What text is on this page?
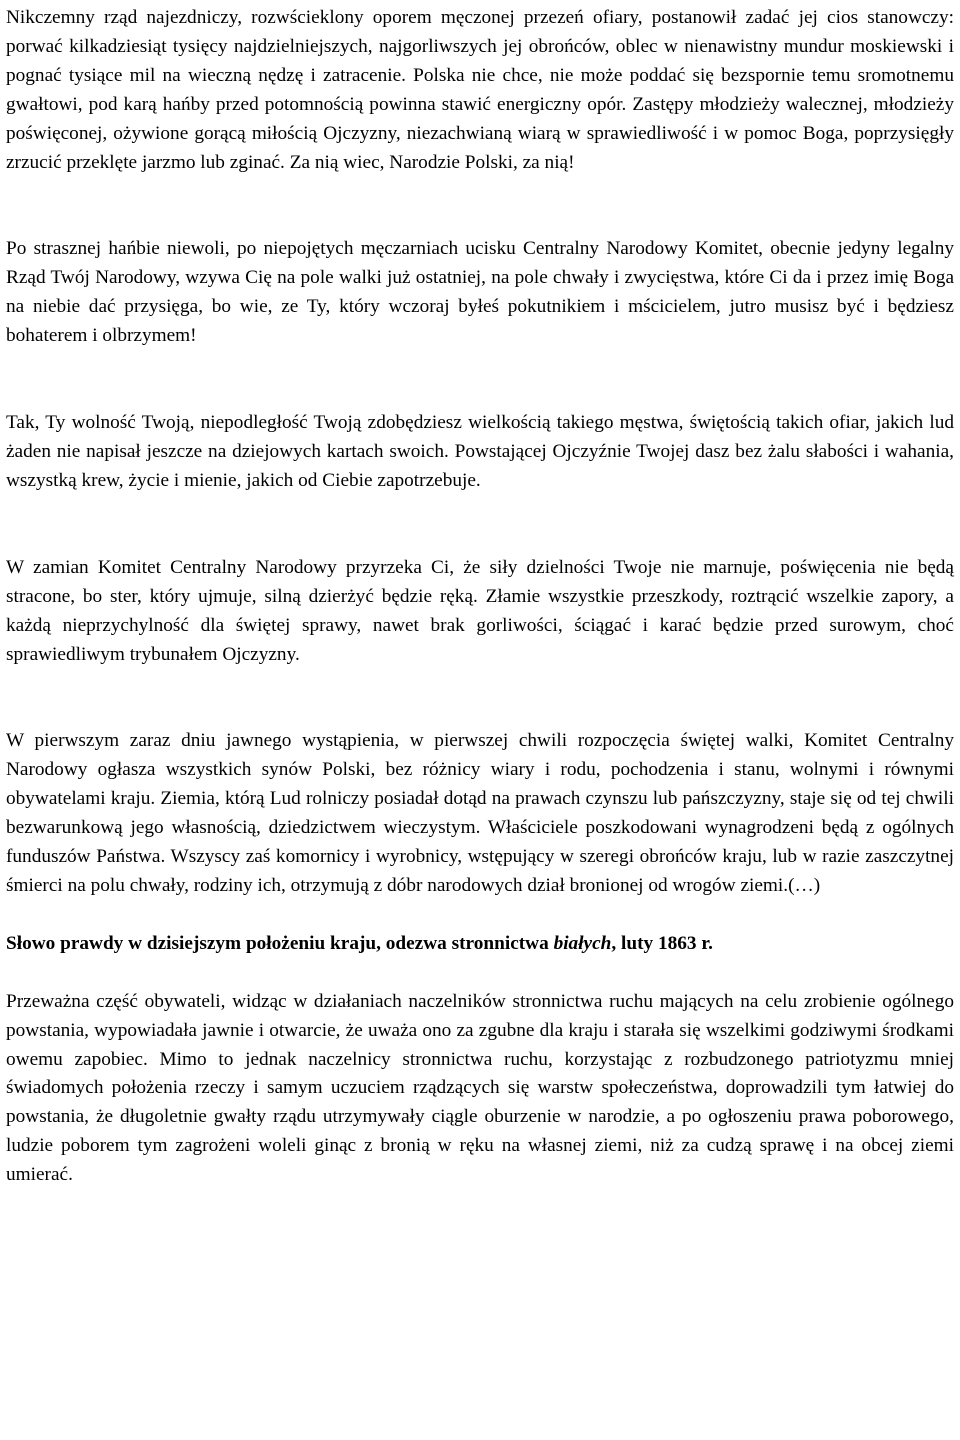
Nikczemny rząd najezdniczy, rozwścieklony oporem męczonej przezeń ofiary, postanowił zadać jej cios stanowczy: porwać kilkadziesiąt tysięcy najdzielniejszych, najgorliwszych jej obrońców, oblec w nienawistny mundur moskiewski i pognać tysiące mil na wieczną nędzę i zatracenie. Polska nie chce, nie może poddać się bezspornie temu sromotnemu gwałtowi, pod karą hańby przed potomnością powinna stawić energiczny opór. Zastępy młodzieży walecznej, młodzieży poświęconej, ożywione gorącą miłością Ojczyzny, niezachwianą wiarą w sprawiedliwość i w pomoc Boga, poprzysięgły zrzucić przeklęte jarzmo lub zginać. Za nią wiec, Narodzie Polski, za nią!

Po strasznej hańbie niewoli, po niepojętych męczarniach ucisku Centralny Narodowy Komitet, obecnie jedyny legalny Rząd Twój Narodowy, wzywa Cię na pole walki już ostatniej, na pole chwały i zwycięstwa, które Ci da i przez imię Boga na niebie dać przysięga, bo wie, ze Ty, który wczoraj byłeś pokutnikiem i mścicielem, jutro musisz być i będziesz bohaterem i olbrzymem!

Tak, Ty wolność Twoją, niepodległość Twoją zdobędziesz wielkością takiego męstwa, świętością takich ofiar, jakich lud żaden nie napisał jeszcze na dziejowych kartach swoich. Powstającej Ojczyźnie Twojej dasz bez żalu słabości i wahania, wszystką krew, życie i mienie, jakich od Ciebie zapotrzebuje.

W zamian Komitet Centralny Narodowy przyrzeka Ci, że siły dzielności Twoje nie marnuje, poświęcenia nie będą stracone, bo ster, który ujmuje, silną dzierżyć będzie ręką. Złamie wszystkie przeszkody, roztrącić wszelkie zapory, a każdą nieprzychylność dla świętej sprawy, nawet brak gorliwości, ściągać i karać będzie przed surowym, choć sprawiedliwym trybunałem Ojczyzny.

W pierwszym zaraz dniu jawnego wystąpienia, w pierwszej chwili rozpoczęcia świętej walki, Komitet Centralny Narodowy ogłasza wszystkich synów Polski, bez różnicy wiary i rodu, pochodzenia i stanu, wolnymi i równymi obywatelami kraju. Ziemia, którą Lud rolniczy posiadał dotąd na prawach czynszu lub pańszczyzny, staje się od tej chwili bezwarunkową jego własnością, dziedzictwem wieczystym. Właściciele poszkodowani wynagrodzeni będą z ogólnych funduszów Państwa. Wszyscy zaś komornicy i wyrobnicy, wstępujący w szeregi obrońców kraju, lub w razie zaszczytnej śmierci na polu chwały, rodziny ich, otrzymują z dóbr narodowych dział bronionej od wrogów ziemi.(…)

Słowo prawdy w dzisiejszym położeniu kraju, odezwa stronnictwa białych, luty 1863 r.

Przeważna część obywateli, widząc w działaniach naczelników stronnictwa ruchu mających na celu zrobienie ogólnego powstania, wypowiadała jawnie i otwarcie, że uważa ono za zgubne dla kraju i starała się wszelkimi godziwymi środkami owemu zapobiec. Mimo to jednak naczelnicy stronnictwa ruchu, korzystając z rozbudzonego patriotyzmu mniej świadomych położenia rzeczy i samym uczuciem rządzących się warstw społeczeństwa, doprowadzili tym łatwiej do powstania, że długoletnie gwałty rządu utrzymywały ciągle oburzenie w narodzie, a po ogłoszeniu prawa poborowego, ludzie poborem tym zagrożeni woleli ginąc z bronią w ręku na własnej ziemi, niż za cudzą sprawę i na obcej ziemi umierać.
